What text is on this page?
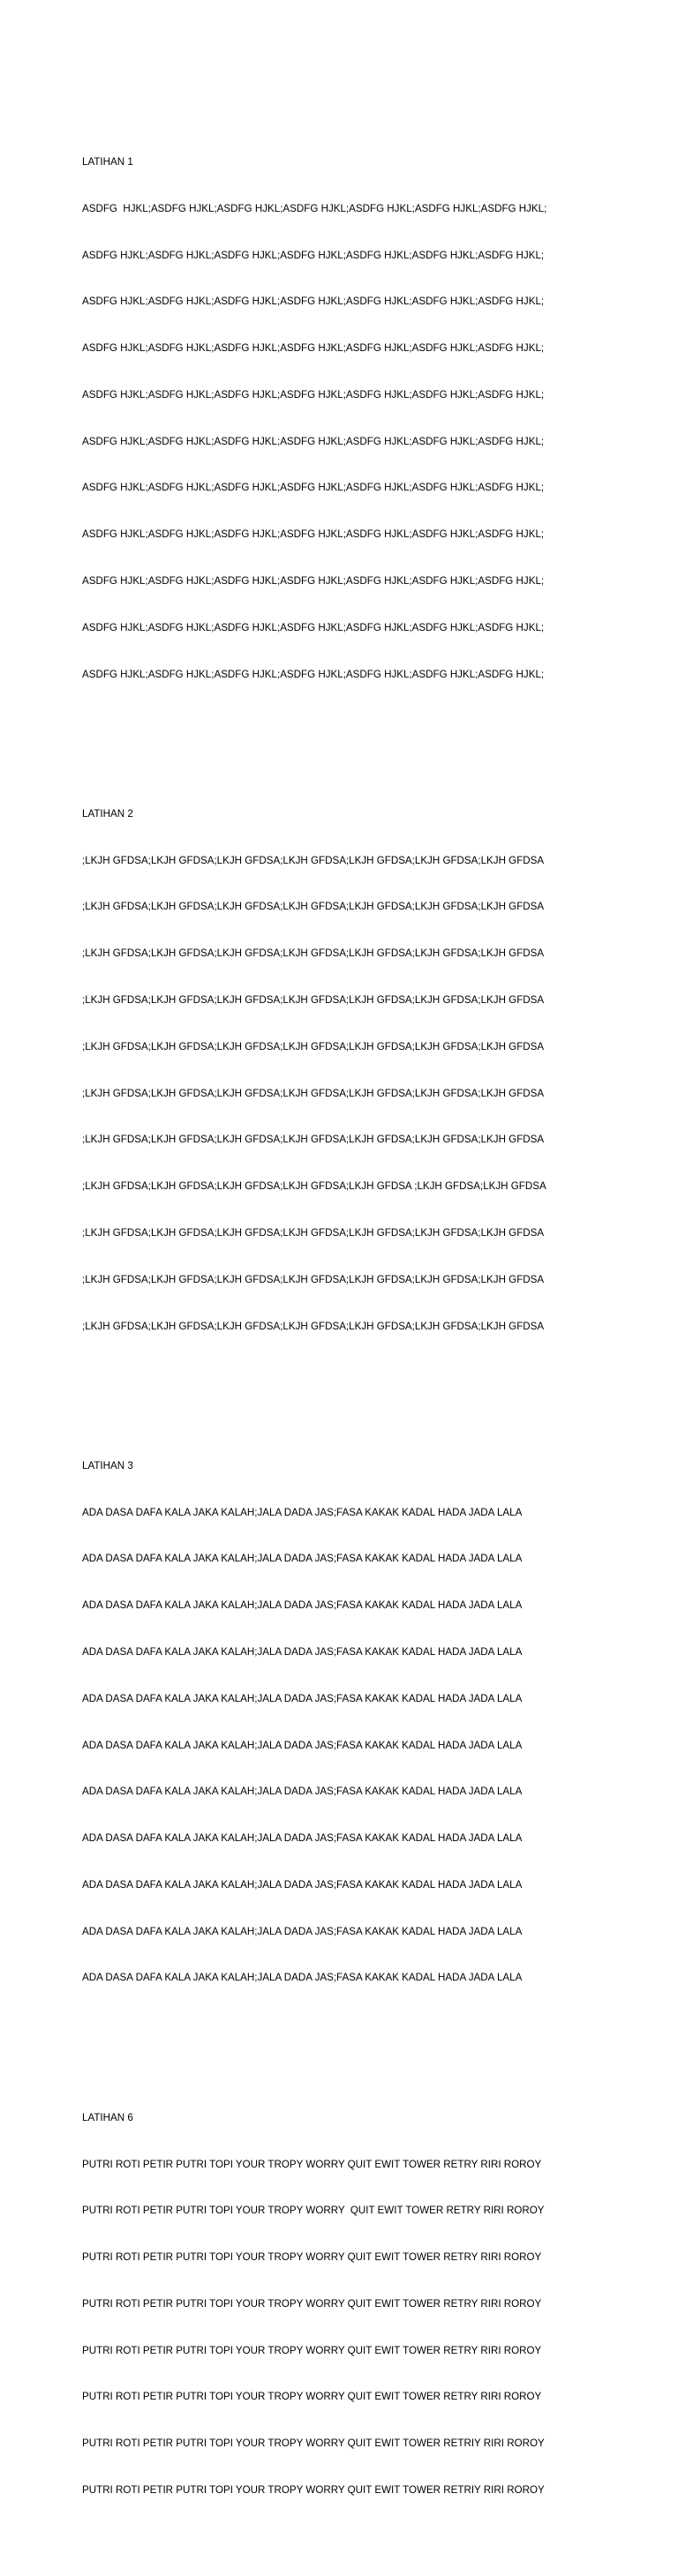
LATIHAN 1

ASDFG  HJKL;ASDFG HJKL;ASDFG HJKL;ASDFG HJKL;ASDFG HJKL;ASDFG HJKL;ASDFG HJKL;

ASDFG HJKL;ASDFG HJKL;ASDFG HJKL;ASDFG HJKL;ASDFG HJKL;ASDFG HJKL;ASDFG HJKL;

ASDFG HJKL;ASDFG HJKL;ASDFG HJKL;ASDFG HJKL;ASDFG HJKL;ASDFG HJKL;ASDFG HJKL;

ASDFG HJKL;ASDFG HJKL;ASDFG HJKL;ASDFG HJKL;ASDFG HJKL;ASDFG HJKL;ASDFG HJKL;

ASDFG HJKL;ASDFG HJKL;ASDFG HJKL;ASDFG HJKL;ASDFG HJKL;ASDFG HJKL;ASDFG HJKL;

ASDFG HJKL;ASDFG HJKL;ASDFG HJKL;ASDFG HJKL;ASDFG HJKL;ASDFG HJKL;ASDFG HJKL;

ASDFG HJKL;ASDFG HJKL;ASDFG HJKL;ASDFG HJKL;ASDFG HJKL;ASDFG HJKL;ASDFG HJKL;

ASDFG HJKL;ASDFG HJKL;ASDFG HJKL;ASDFG HJKL;ASDFG HJKL;ASDFG HJKL;ASDFG HJKL;

ASDFG HJKL;ASDFG HJKL;ASDFG HJKL;ASDFG HJKL;ASDFG HJKL;ASDFG HJKL;ASDFG HJKL;

ASDFG HJKL;ASDFG HJKL;ASDFG HJKL;ASDFG HJKL;ASDFG HJKL;ASDFG HJKL;ASDFG HJKL;

ASDFG HJKL;ASDFG HJKL;ASDFG HJKL;ASDFG HJKL;ASDFG HJKL;ASDFG HJKL;ASDFG HJKL;

LATIHAN 2

;LKJH GFDSA;LKJH GFDSA;LKJH GFDSA;LKJH GFDSA;LKJH GFDSA;LKJH GFDSA;LKJH GFDSA

;LKJH GFDSA;LKJH GFDSA;LKJH GFDSA;LKJH GFDSA;LKJH GFDSA;LKJH GFDSA;LKJH GFDSA

;LKJH GFDSA;LKJH GFDSA;LKJH GFDSA;LKJH GFDSA;LKJH GFDSA;LKJH GFDSA;LKJH GFDSA

;LKJH GFDSA;LKJH GFDSA;LKJH GFDSA;LKJH GFDSA;LKJH GFDSA;LKJH GFDSA;LKJH GFDSA

;LKJH GFDSA;LKJH GFDSA;LKJH GFDSA;LKJH GFDSA;LKJH GFDSA;LKJH GFDSA;LKJH GFDSA

;LKJH GFDSA;LKJH GFDSA;LKJH GFDSA;LKJH GFDSA;LKJH GFDSA;LKJH GFDSA;LKJH GFDSA

;LKJH GFDSA;LKJH GFDSA;LKJH GFDSA;LKJH GFDSA;LKJH GFDSA;LKJH GFDSA;LKJH GFDSA

;LKJH GFDSA;LKJH GFDSA;LKJH GFDSA;LKJH GFDSA;LKJH GFDSA ;LKJH GFDSA;LKJH GFDSA

;LKJH GFDSA;LKJH GFDSA;LKJH GFDSA;LKJH GFDSA;LKJH GFDSA;LKJH GFDSA;LKJH GFDSA

;LKJH GFDSA;LKJH GFDSA;LKJH GFDSA;LKJH GFDSA;LKJH GFDSA;LKJH GFDSA;LKJH GFDSA

;LKJH GFDSA;LKJH GFDSA;LKJH GFDSA;LKJH GFDSA;LKJH GFDSA;LKJH GFDSA;LKJH GFDSA

LATIHAN 3

ADA DASA DAFA KALA JAKA KALAH;JALA DADA JAS;FASA KAKAK KADAL HADA JADA LALA

ADA DASA DAFA KALA JAKA KALAH;JALA DADA JAS;FASA KAKAK KADAL HADA JADA LALA

ADA DASA DAFA KALA JAKA KALAH;JALA DADA JAS;FASA KAKAK KADAL HADA JADA LALA

ADA DASA DAFA KALA JAKA KALAH;JALA DADA JAS;FASA KAKAK KADAL HADA JADA LALA

ADA DASA DAFA KALA JAKA KALAH;JALA DADA JAS;FASA KAKAK KADAL HADA JADA LALA

ADA DASA DAFA KALA JAKA KALAH;JALA DADA JAS;FASA KAKAK KADAL HADA JADA LALA

ADA DASA DAFA KALA JAKA KALAH;JALA DADA JAS;FASA KAKAK KADAL HADA JADA LALA

ADA DASA DAFA KALA JAKA KALAH;JALA DADA JAS;FASA KAKAK KADAL HADA JADA LALA

ADA DASA DAFA KALA JAKA KALAH;JALA DADA JAS;FASA KAKAK KADAL HADA JADA LALA

ADA DASA DAFA KALA JAKA KALAH;JALA DADA JAS;FASA KAKAK KADAL HADA JADA LALA

ADA DASA DAFA KALA JAKA KALAH;JALA DADA JAS;FASA KAKAK KADAL HADA JADA LALA

LATIHAN 6

PUTRI ROTI PETIR PUTRI TOPI YOUR TROPY WORRY QUIT EWIT TOWER RETRY RIRI ROROY

PUTRI ROTI PETIR PUTRI TOPI YOUR TROPY WORRY  QUIT EWIT TOWER RETRY RIRI ROROY

PUTRI ROTI PETIR PUTRI TOPI YOUR TROPY WORRY QUIT EWIT TOWER RETRY RIRI ROROY

PUTRI ROTI PETIR PUTRI TOPI YOUR TROPY WORRY QUIT EWIT TOWER RETRY RIRI ROROY

PUTRI ROTI PETIR PUTRI TOPI YOUR TROPY WORRY QUIT EWIT TOWER RETRY RIRI ROROY

PUTRI ROTI PETIR PUTRI TOPI YOUR TROPY WORRY QUIT EWIT TOWER RETRY RIRI ROROY

PUTRI ROTI PETIR PUTRI TOPI YOUR TROPY WORRY QUIT EWIT TOWER RETRIY RIRI ROROY

PUTRI ROTI PETIR PUTRI TOPI YOUR TROPY WORRY QUIT EWIT TOWER RETRIY RIRI ROROY
